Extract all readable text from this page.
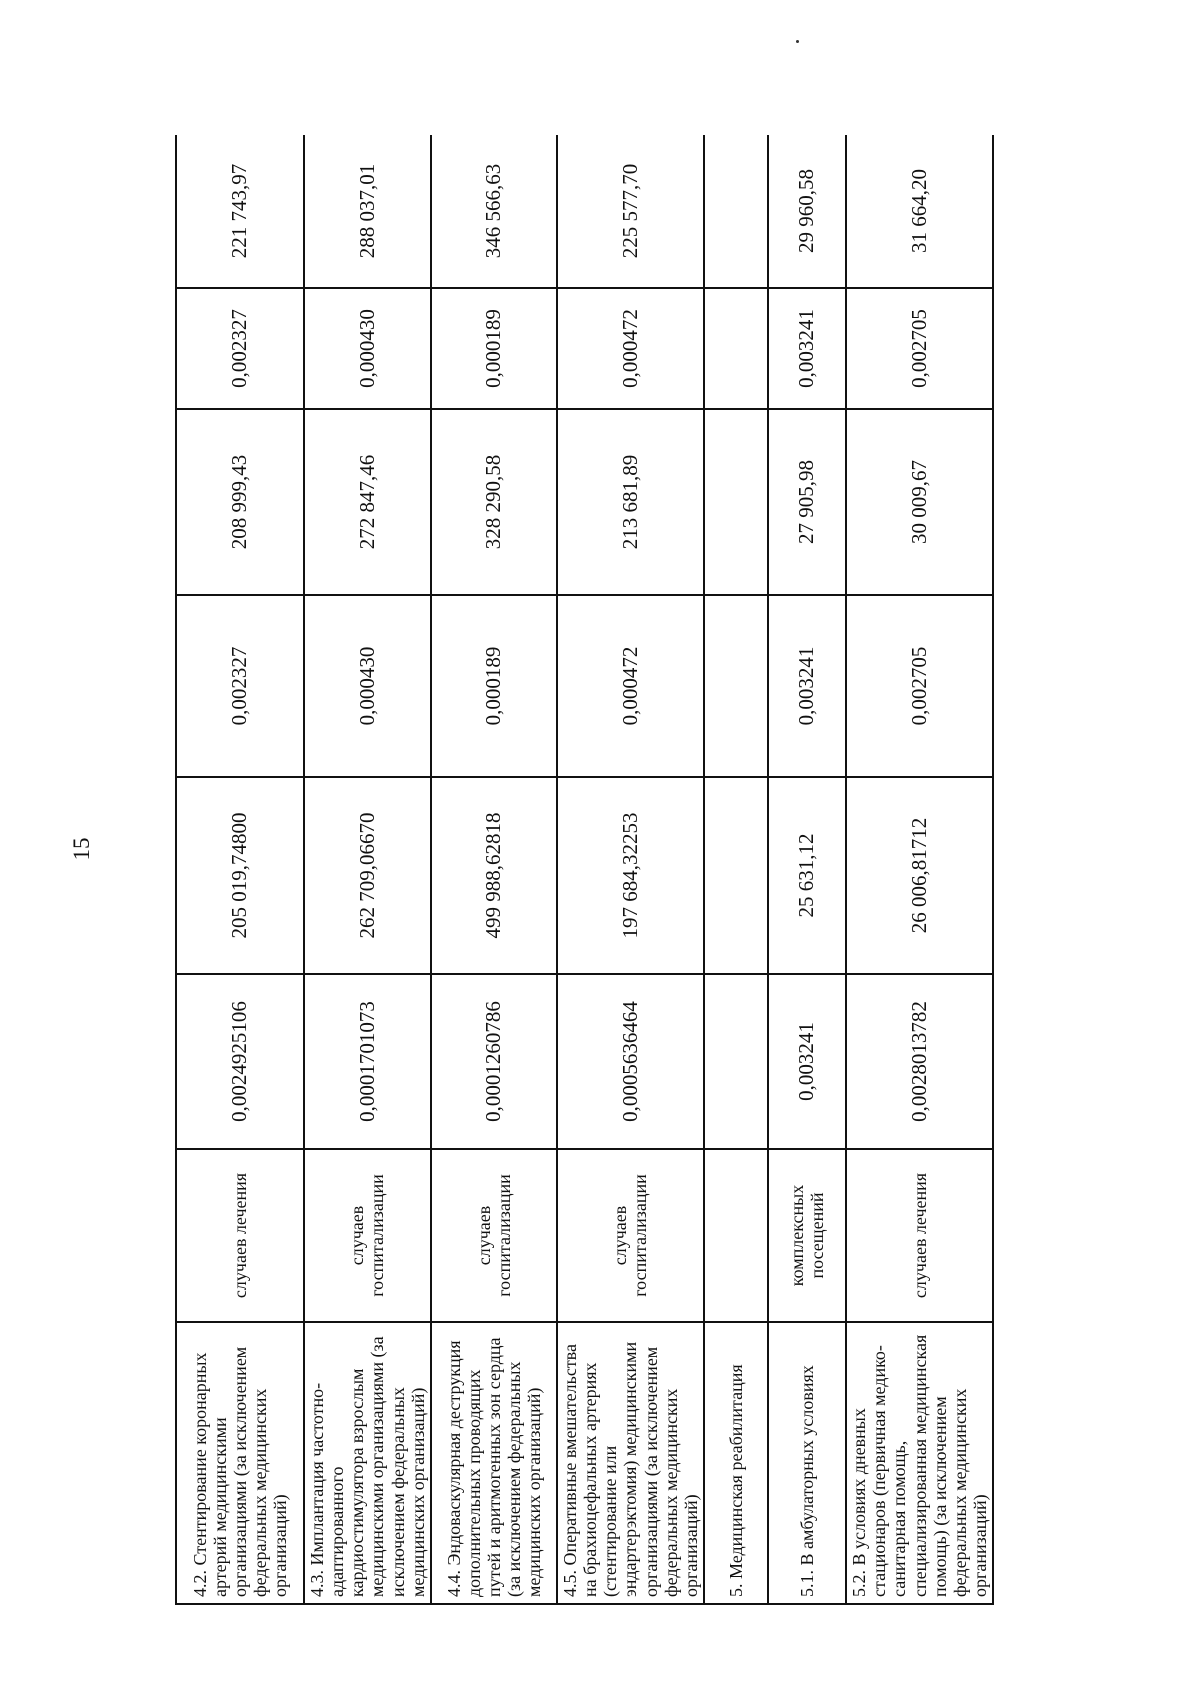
15
4.2. Стентирование коронарных артерий медицинскими организациями (за исключением федеральных медицинских организаций)	случаев лечения	0,0024925106	205 019,74800	0,002327	208 999,43	0,002327	221 743,97
4.3. Имплантация частотно-адаптированного кардиостимулятора взрослым медицинскими организациями (за исключением федеральных медицинских организаций)	случаев госпитализации	0,0001701073	262 709,06670	0,000430	272 847,46	0,000430	288 037,01
4.4. Эндоваскулярная деструкция дополнительных проводящих путей и аритмогенных зон сердца (за исключением федеральных медицинских организаций)	случаев госпитализации	0,0001260786	499 988,62818	0,000189	328 290,58	0,000189	346 566,63
4.5. Оперативные вмешательства на брахиоцефальных артериях (стентирование или эндартерэктомия) медицинскими организациями (за исключением федеральных медицинских организаций)	случаев госпитализации	0,0005636464	197 684,32253	0,000472	213 681,89	0,000472	225 577,70
5. Медицинская реабилитация							
5.1. В амбулаторных условиях	комплексных посещений	0,003241	25 631,12	0,003241	27 905,98	0,003241	29 960,58
5.2. В условиях дневных стационаров (первичная медико-санитарная помощь, специализированная медицинская помощь) (за исключением федеральных медицинских организаций)	случаев лечения	0,0028013782	26 006,81712	0,002705	30 009,67	0,002705	31 664,20
